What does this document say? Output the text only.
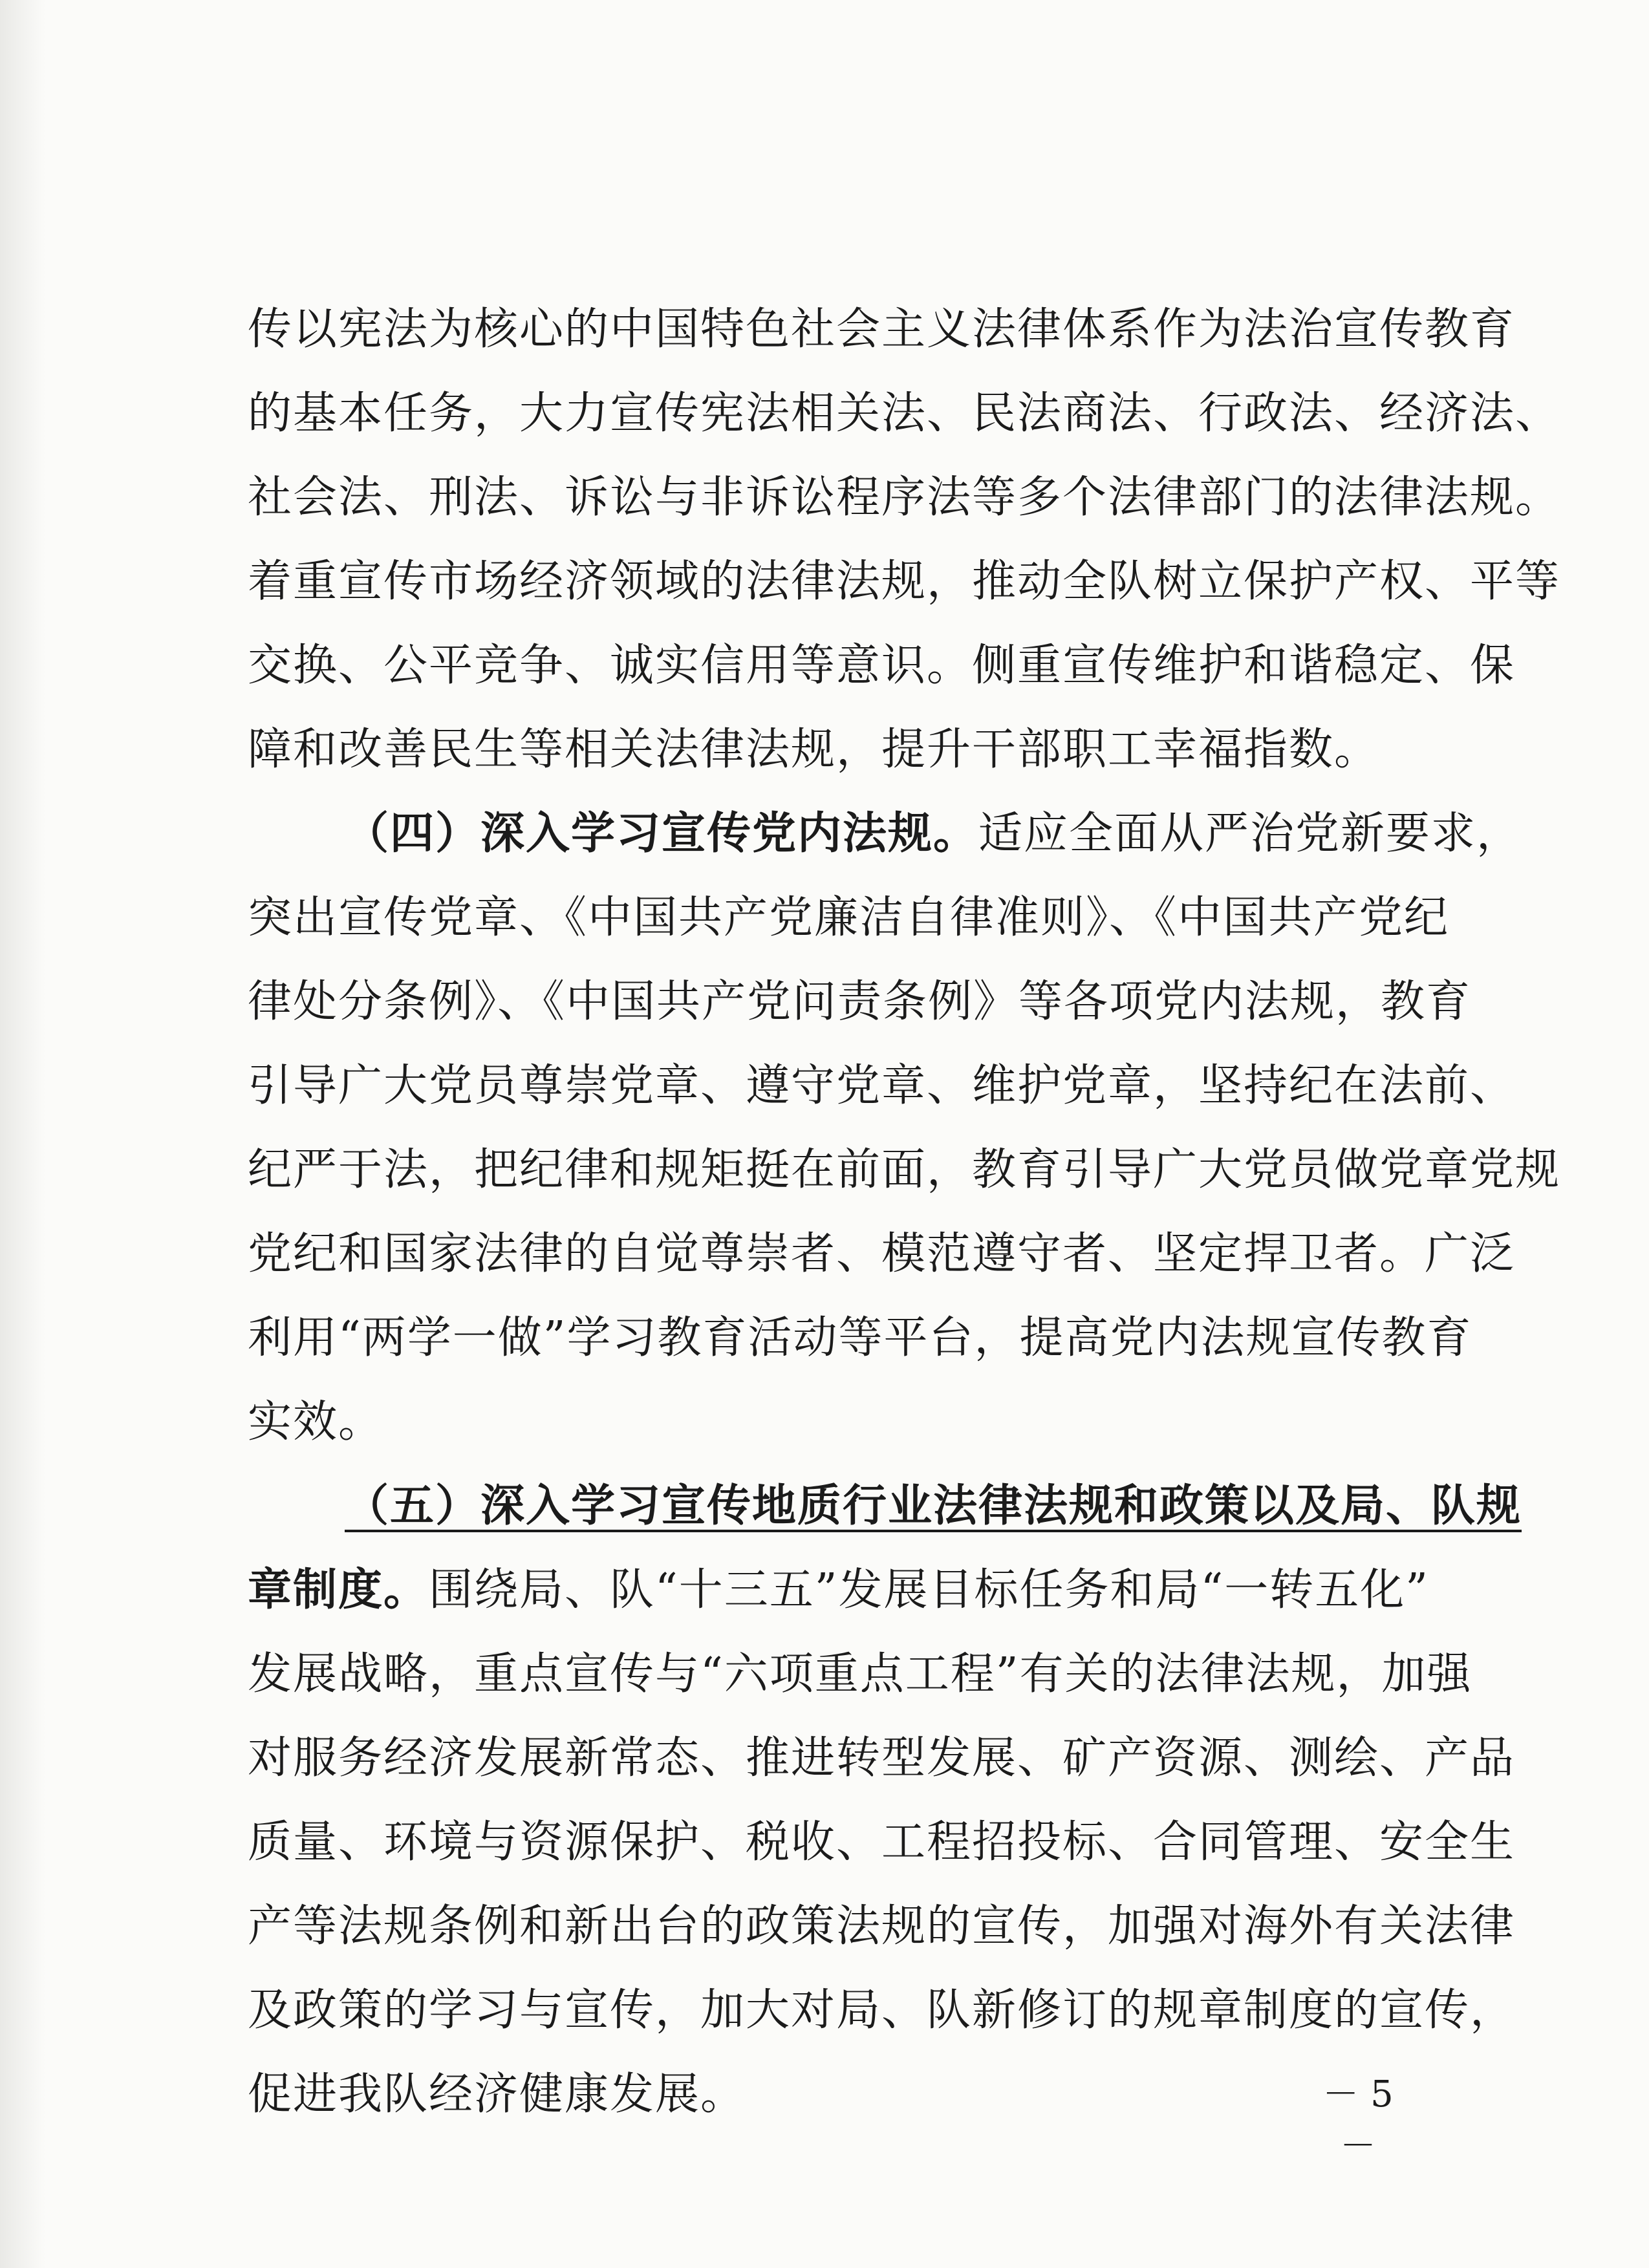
传以宪法为核心的中国特色社会主义法律体系作为法治宣传教育
的基本任务，大力宣传宪法相关法、民法商法、行政法、经济法、
社会法、刑法、诉讼与非诉讼程序法等多个法律部门的法律法规。
着重宣传市场经济领域的法律法规，推动全队树立保护产权、平等
交换、公平竞争、诚实信用等意识。侧重宣传维护和谐稳定、保
障和改善民生等相关法律法规，提升干部职工幸福指数。
（四）深入学习宣传党内法规。适应全面从严治党新要求，
突出宣传党章、《中国共产党廉洁自律准则》、《中国共产党纪
律处分条例》、《中国共产党问责条例》等各项党内法规，教育
引导广大党员尊崇党章、遵守党章、维护党章，坚持纪在法前、
纪严于法，把纪律和规矩挺在前面，教育引导广大党员做党章党规
党纪和国家法律的自觉尊崇者、模范遵守者、坚定捍卫者。广泛
利用“两学一做”学习教育活动等平台，提高党内法规宣传教育
实效。
（五）深入学习宣传地质行业法律法规和政策以及局、队规
章制度。围绕局、队“十三五”发展目标任务和局“一转五化”
发展战略，重点宣传与“六项重点工程”有关的法律法规，加强
对服务经济发展新常态、推进转型发展、矿产资源、测绘、产品
质量、环境与资源保护、税收、工程招投标、合同管理、安全生
产等法规条例和新出台的政策法规的宣传，加强对海外有关法律
及政策的学习与宣传，加大对局、队新修订的规章制度的宣传，
促进我队经济健康发展。	－ 5 －
